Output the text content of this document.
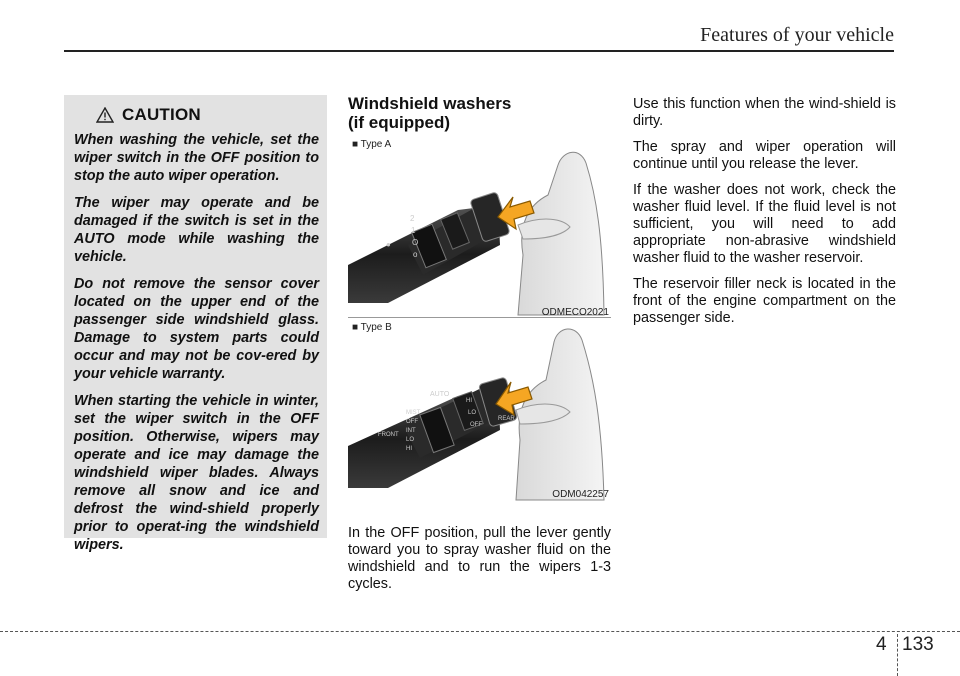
Features of your vehicle
CAUTION

When washing the vehicle, set the wiper switch in the OFF position to stop the auto wiper operation.

The wiper may operate and be damaged if the switch is set in the AUTO mode while washing the vehicle.

Do not remove the sensor cover located on the upper end of the passenger side windshield glass. Damage to system parts could occur and may not be cov-ered by your vehicle warranty.

When starting the vehicle in winter, set the wiper switch in the OFF position. Otherwise, wipers may operate and ice may damage the windshield wiper blades. Always remove all snow and ice and defrost the wind-shield properly prior to operat-ing the windshield wipers.

Windshield washers
(if equipped)
●
2
1
O
o
■ Type A
ODMECO2021
AUTO
MIST
OFF
INT
LO
HI
FRONT
HI
LO
OFF
REAR
■ Type B
ODM042257

In the OFF position, pull the lever gently toward you to spray washer fluid on the windshield and to run the wipers 1-3 cycles.

Use this function when the wind-shield is dirty.

The spray and wiper operation will continue until you release the lever.

If the washer does not work, check the washer fluid level. If the fluid level is not sufficient, you will need to add appropriate non-abrasive windshield washer fluid to the washer reservoir.

The reservoir filler neck is located in the front of the engine compartment on the passenger side.

4 133
